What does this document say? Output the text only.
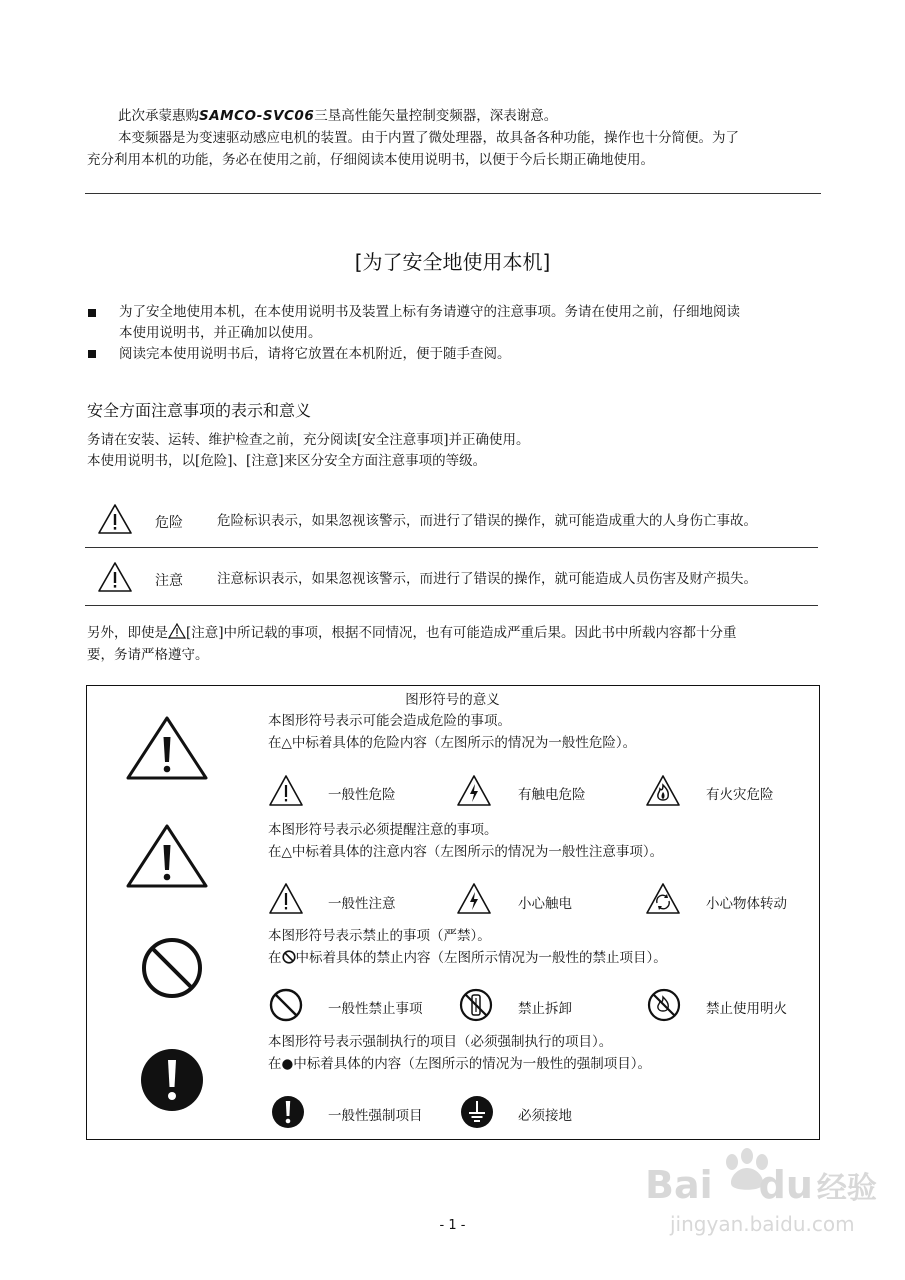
此次承蒙惠购SAMCO-SVC06三垦高性能矢量控制变频器，深表谢意。
本变频器是为变速驱动感应电机的装置。由于内置了微处理器，故具备各种功能，操作也十分简便。为了
充分利用本机的功能，务必在使用之前，仔细阅读本使用说明书，以便于今后长期正确地使用。
[为了安全地使用本机]
为了安全地使用本机，在本使用说明书及装置上标有务请遵守的注意事项。务请在使用之前，仔细地阅读
本使用说明书，并正确加以使用。
阅读完本使用说明书后，请将它放置在本机附近，便于随手查阅。
安全方面注意事项的表示和意义
务请在安装、运转、维护检查之前，充分阅读[安全注意事项]并正确使用。
本使用说明书，以[危险]、[注意]来区分安全方面注意事项的等级。
危险	危险标识表示，如果忽视该警示，而进行了错误的操作，就可能造成重大的人身伤亡事故。
注意	注意标识表示，如果忽视该警示，而进行了错误的操作，就可能造成人员伤害及财产损失。
另外，即使是 [注意]中所记载的事项，根据不同情况，也有可能造成严重后果。因此书中所载内容都十分重
要，务请严格遵守。
图形符号的意义
本图形符号表示可能会造成危险的事项。
在△中标着具体的危险内容（左图所示的情况为一般性危险）。
一般性危险	有触电危险	有火灾危险
本图形符号表示必须提醒注意的事项。
在△中标着具体的注意内容（左图所示的情况为一般性注意事项）。
一般性注意	小心触电	小心物体转动
本图形符号表示禁止的事项（严禁）。
在 中标着具体的禁止内容（左图所示情况为一般性的禁止项目）。
一般性禁止事项	禁止拆卸	禁止使用明火
本图形符号表示强制执行的项目（必须强制执行的项目）。
在●中标着具体的内容（左图所示的情况为一般性的强制项目）。
一般性强制项目	必须接地
- 1 -
Bai du 经验
jingyan.baidu.com
